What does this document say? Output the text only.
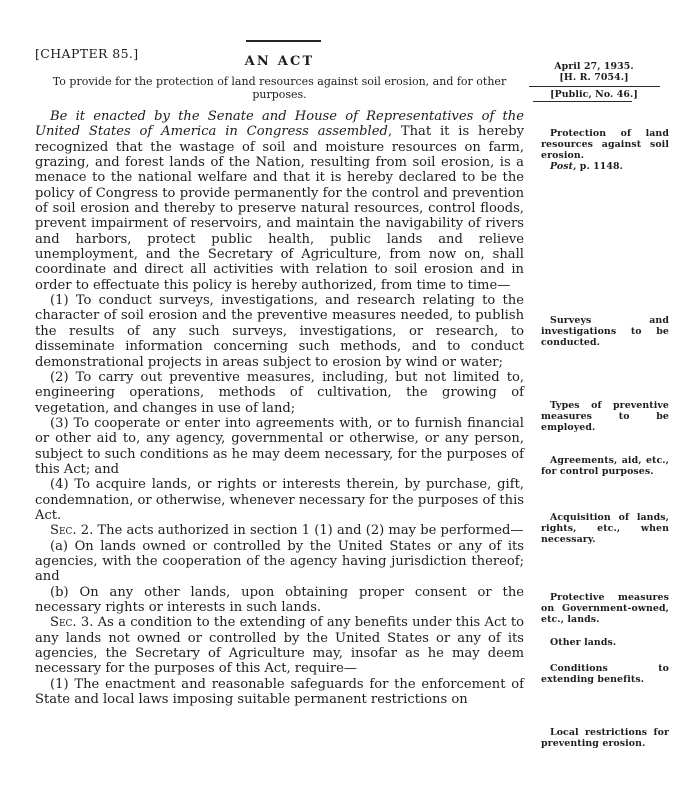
[CHAPTER 85.]
AN ACT
To provide for the protection of land resources against soil erosion, and for other
purposes.
April 27, 1935.
[H. R. 7054.]
[Public, No. 46.]

Be it enacted by the Senate and House of Representatives of the United States of America in Congress assembled, That it is hereby recognized that the wastage of soil and moisture resources on farm, grazing, and forest lands of the Nation, resulting from soil erosion, is a menace to the national welfare and that it is hereby declared to be the policy of Congress to provide permanently for the control and prevention of soil erosion and thereby to preserve natural resources, control floods, prevent impairment of reservoirs, and maintain the navigability of rivers and harbors, protect public health, public lands and relieve unemployment, and the Secretary of Agriculture, from now on, shall coordinate and direct all activities with relation to soil erosion and in order to effectuate this policy is hereby authorized, from time to time—

(1) To conduct surveys, investigations, and research relating to the character of soil erosion and the preventive measures needed, to publish the results of any such surveys, investigations, or research, to disseminate information concerning such methods, and to conduct demonstrational projects in areas subject to erosion by wind or water;

(2) To carry out preventive measures, including, but not limited to, engineering operations, methods of cultivation, the growing of vegetation, and changes in use of land;

(3) To cooperate or enter into agreements with, or to furnish financial or other aid to, any agency, governmental or otherwise, or any person, subject to such conditions as he may deem necessary, for the purposes of this Act; and

(4) To acquire lands, or rights or interests therein, by purchase, gift, condemnation, or otherwise, whenever necessary for the purposes of this Act.

Sec. 2. The acts authorized in section 1 (1) and (2) may be performed—

(a) On lands owned or controlled by the United States or any of its agencies, with the cooperation of the agency having jurisdiction thereof; and

(b) On any other lands, upon obtaining proper consent or the necessary rights or interests in such lands.

Sec. 3. As a condition to the extending of any benefits under this Act to any lands not owned or controlled by the United States or any of its agencies, the Secretary of Agriculture may, insofar as he may deem necessary for the purposes of this Act, require—

(1) The enactment and reasonable safeguards for the enforcement of State and local laws imposing suitable permanent restrictions on

Protection of land resources against soil erosion.
Post, p. 1148.
Surveys and investigations to be conducted.
Types of preventive measures to be employed.
Agreements, aid, etc., for control purposes.
Acquisition of lands, rights, etc., when necessary.
Protective measures on Government-owned, etc., lands.
Other lands.
Conditions to extending benefits.
Local restrictions for preventing erosion.
